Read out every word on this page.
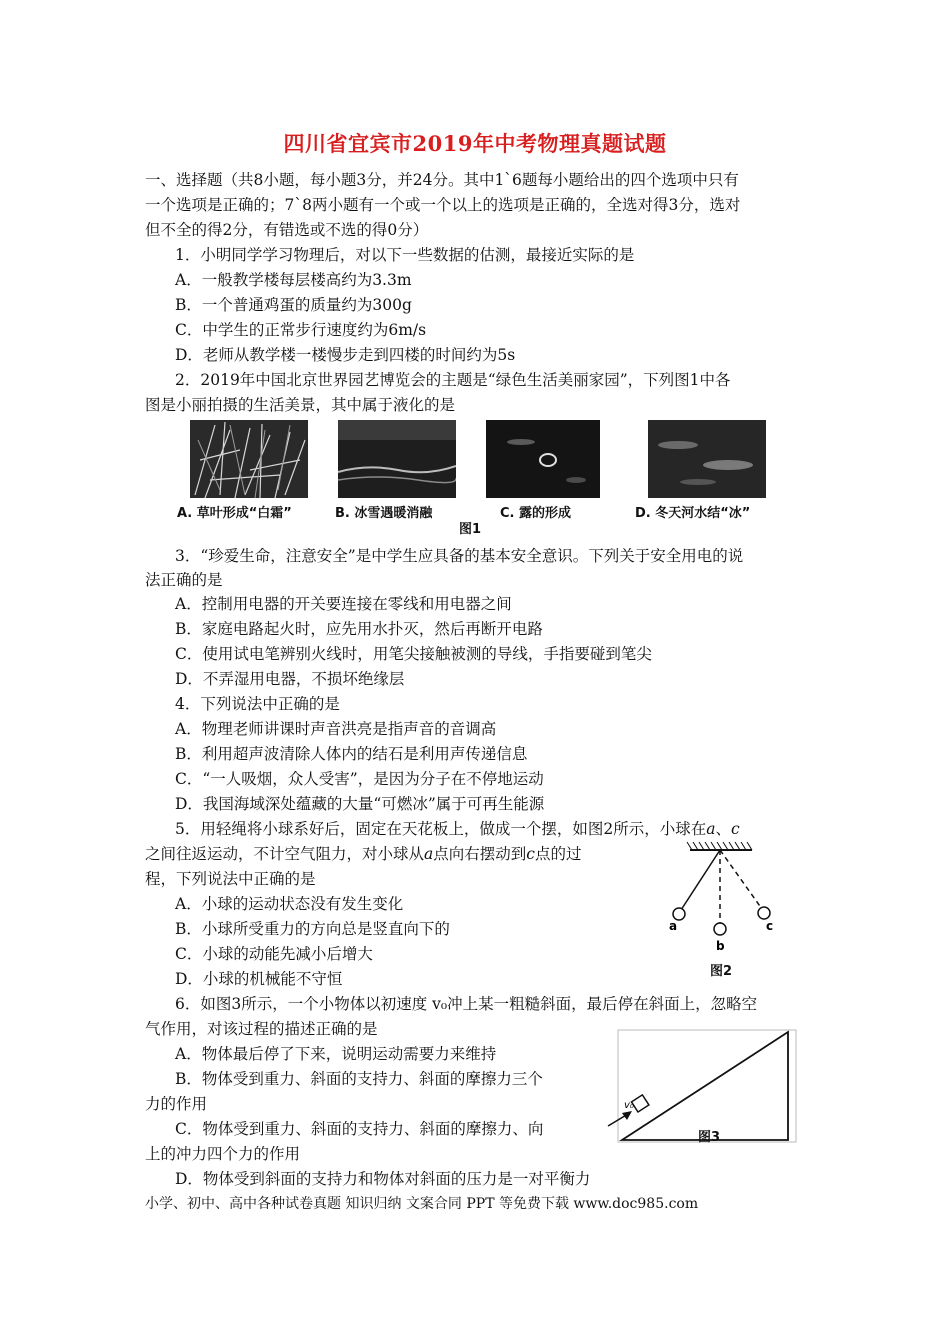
四川省宜宾市2019年中考物理真题试题
一、选择题（共8小题，每小题3分，并24分。其中1`6题每小题给出的四个选项中只有
一个选项是正确的；7`8两小题有一个或一个以上的选项是正确的，全选对得3分，选对
但不全的得2分，有错选或不选的得0分）
1．小明同学学习物理后，对以下一些数据的估测，最接近实际的是
A．一般教学楼每层楼高约为3.3m
B．一个普通鸡蛋的质量约为300g
C．中学生的正常步行速度约为6m/s
D．老师从教学楼一楼慢步走到四楼的时间约为5s
2．2019年中国北京世界园艺博览会的主题是“绿色生活美丽家园”，下列图1中各
图是小丽拍摄的生活美景，其中属于液化的是
A. 草叶形成“白霜”	B. 冰雪遇暖消融	C. 露的形成	D. 冬天河水结“冰”
图1
3．“珍爱生命，注意安全”是中学生应具备的基本安全意识。下列关于安全用电的说
法正确的是
A．控制用电器的开关要连接在零线和用电器之间
B．家庭电路起火时，应先用水扑灭，然后再断开电路
C．使用试电笔辨别火线时，用笔尖接触被测的导线，手指要碰到笔尖
D．不弄湿用电器，不损坏绝缘层
4．下列说法中正确的是
A．物理老师讲课时声音洪亮是指声音的音调高
B．利用超声波清除人体内的结石是利用声传递信息
C．“一人吸烟，众人受害”，是因为分子在不停地运动
D．我国海域深处蕴藏的大量“可燃冰”属于可再生能源
5．用轻绳将小球系好后，固定在天花板上，做成一个摆，如图2所示，小球在a、c
之间往返运动，不计空气阻力，对小球从a点向右摆动到c点的过
程，下列说法中正确的是
A．小球的运动状态没有发生变化
B．小球所受重力的方向总是竖直向下的
C．小球的动能先减小后增大
D．小球的机械能不守恒
a
b
c
图2
6．如图3所示，一个小物体以初速度 v₀冲上某一粗糙斜面，最后停在斜面上，忽略空
气作用，对该过程的描述正确的是
A．物体最后停了下来，说明运动需要力来维持
B．物体受到重力、斜面的支持力、斜面的摩擦力三个
力的作用
C．物体受到重力、斜面的支持力、斜面的摩擦力、向
上的冲力四个力的作用
D．物体受到斜面的支持力和物体对斜面的压力是一对平衡力
v₀
图3
小学、初中、高中各种试卷真题 知识归纳 文案合同 PPT 等免费下载 www.doc985.com
